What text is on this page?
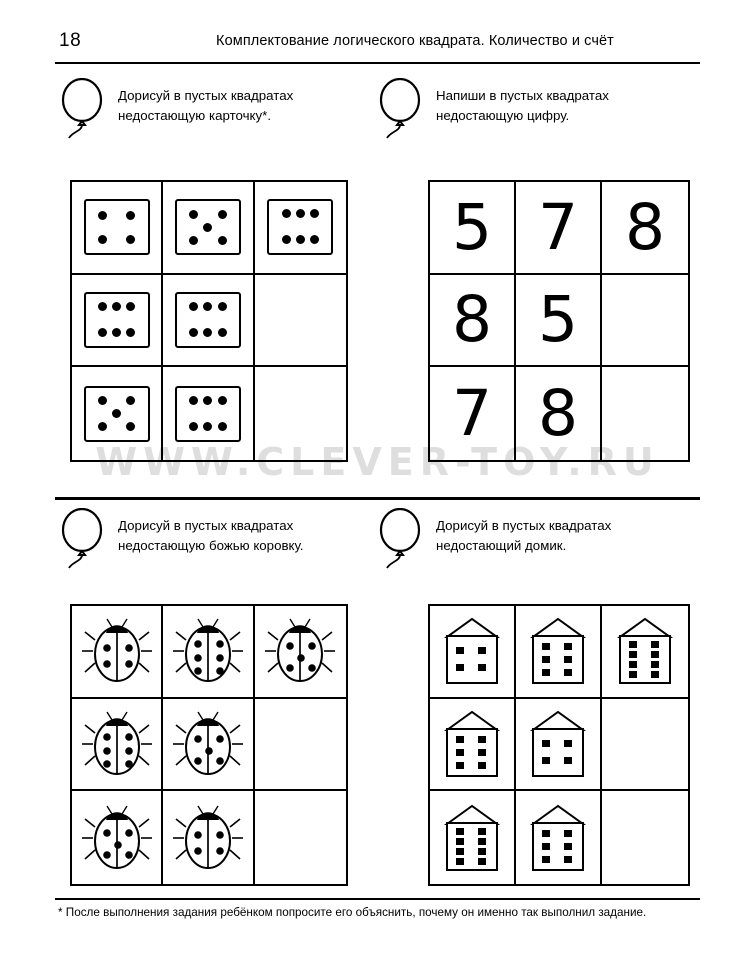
18	Комплектование логического квадрата. Количество и счёт
Дорисуй в пустых квадратах
недостающую карточку*.
Напиши в пустых квадратах
недостающую цифру.
5 7 8
8 5
7 8
WWW.CLEVER-TOY.RU
Дорисуй в пустых квадратах
недостающую божью коровку.
Дорисуй в пустых квадратах
недостающий домик.
* После выполнения задания ребёнком попросите его объяснить, почему он именно так выполнил задание.
